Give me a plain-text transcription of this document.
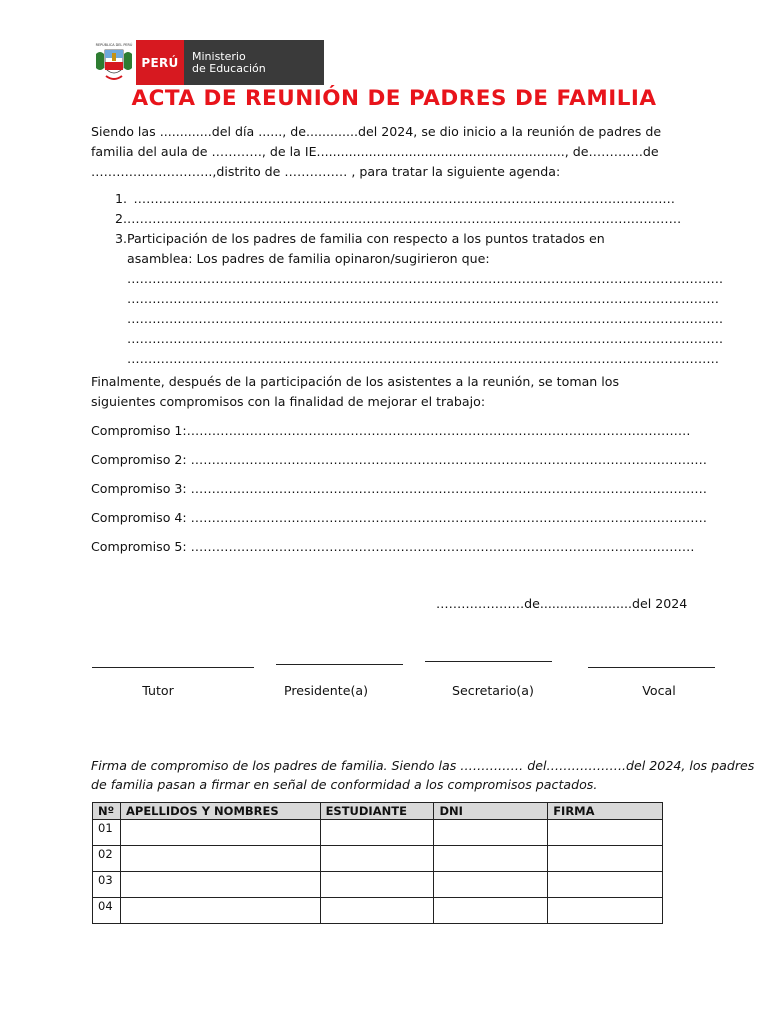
REPÚBLICA DEL PERÚ
PERÚ	Ministerio
de Educación
ACTA DE REUNIÓN DE PADRES DE FAMILIA
Siendo las .............del día ......, de.............del 2024, se dio inicio a la reunión de padres de
familia del aula de …………, de la IE.............................................................., de………….de
………………………..,distrito de …………… , para tratar la siguiente agenda:
1. …………………………………………………………………………………………………………………
2. ……………………………………………………………………………………………………………………
3. Participación de los padres de familia con respecto a los puntos tratados en
asamblea: Los padres de familia opinaron/sugirieron que:
…………………………………………………………………………………………………………………………….
……………………………………………………………………………………………………………………………
…………………………………………………………………………………………………………………………….
…………………………………………………………………………………………………………………………….
……………………………………………………………………………………………………………………………
Finalmente, después de la participación de los asistentes a la reunión, se toman los
siguientes compromisos con la finalidad de mejorar el trabajo:
Compromiso 1:…………………………………………………………………………………………………………
Compromiso 2: ……………………………………………………………………………………………………………
Compromiso 3: ……………………………………………………………………………………………………………
Compromiso 4: ……………………………………………………………………………………………………………
Compromiso 5: …………………………………………………………………………………………………………
…………………de.......................del 2024
Tutor	Presidente(a)	Secretario(a)	Vocal
Firma de compromiso de los padres de familia. Siendo las …………… del……………….del 2024, los padres
de familia pasan a firmar en señal de conformidad a los compromisos pactados.
Nº	APELLIDOS Y NOMBRES	ESTUDIANTE	DNI	FIRMA
01				
02				
03				
04				
